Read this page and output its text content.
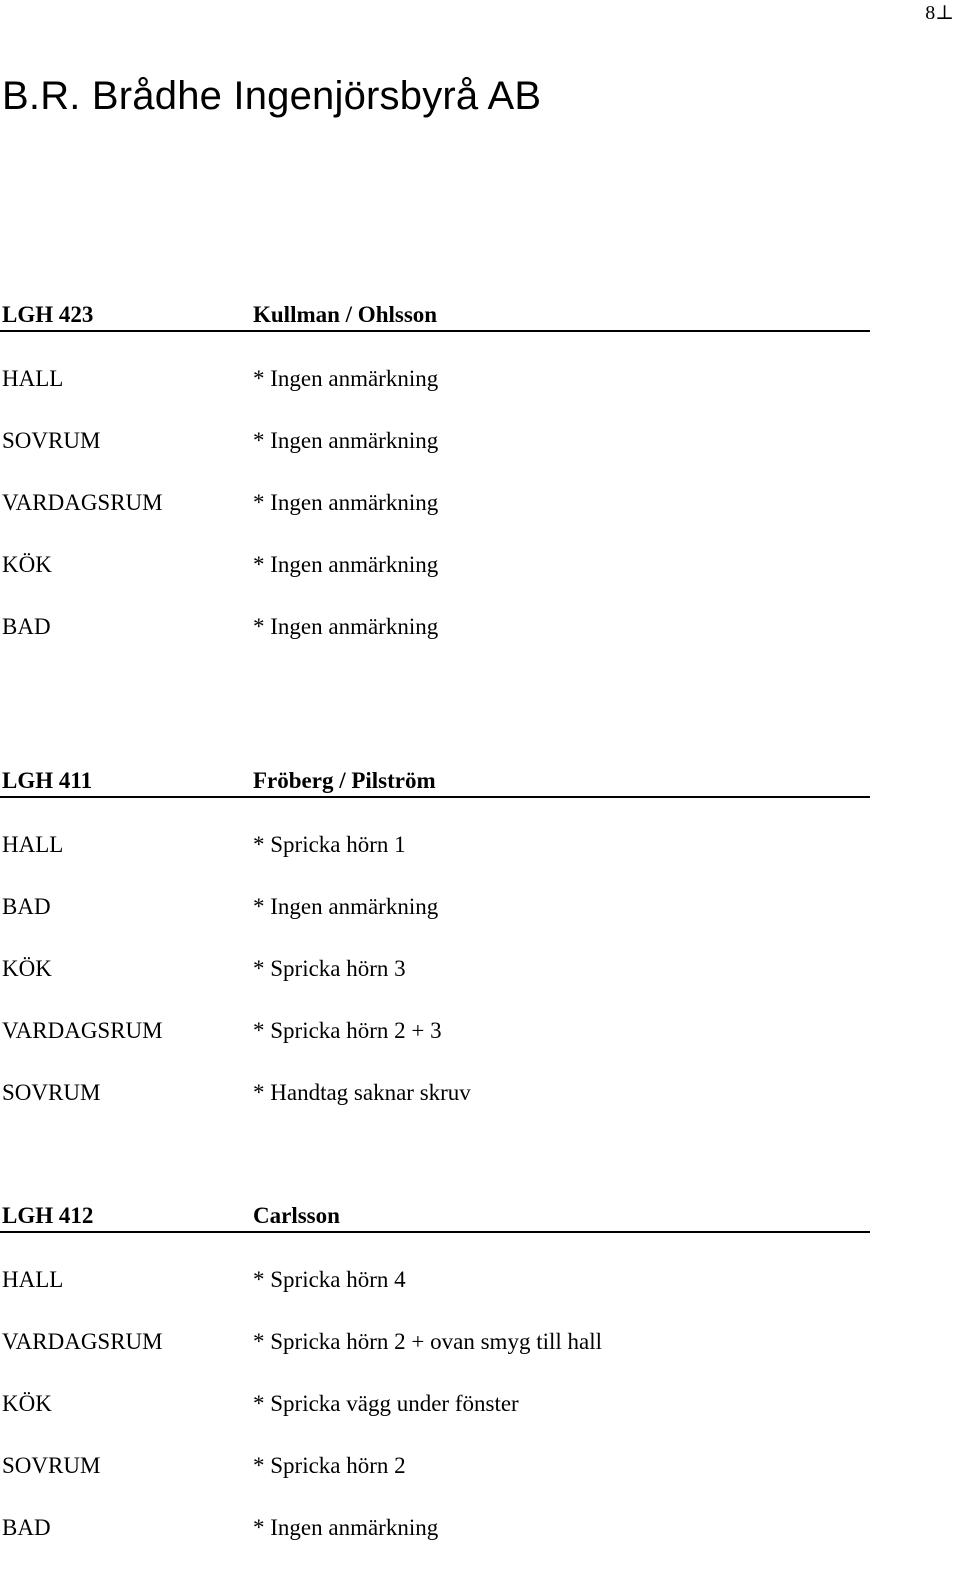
8⊥
B.R. Brådhe Ingenjörsbyrå AB
LGH 423	Kullman / Ohlsson
HALL	* Ingen anmärkning
SOVRUM	* Ingen anmärkning
VARDAGSRUM	* Ingen anmärkning
KÖK	* Ingen anmärkning
BAD	* Ingen anmärkning
LGH 411	Fröberg / Pilström
HALL	* Spricka hörn 1
BAD	* Ingen anmärkning
KÖK	* Spricka hörn 3
VARDAGSRUM	* Spricka hörn 2 + 3
SOVRUM	* Handtag saknar skruv
LGH 412	Carlsson
HALL	* Spricka hörn 4
VARDAGSRUM	* Spricka hörn 2 + ovan smyg till hall
KÖK	* Spricka vägg under fönster
SOVRUM	* Spricka hörn 2
BAD	* Ingen anmärkning
